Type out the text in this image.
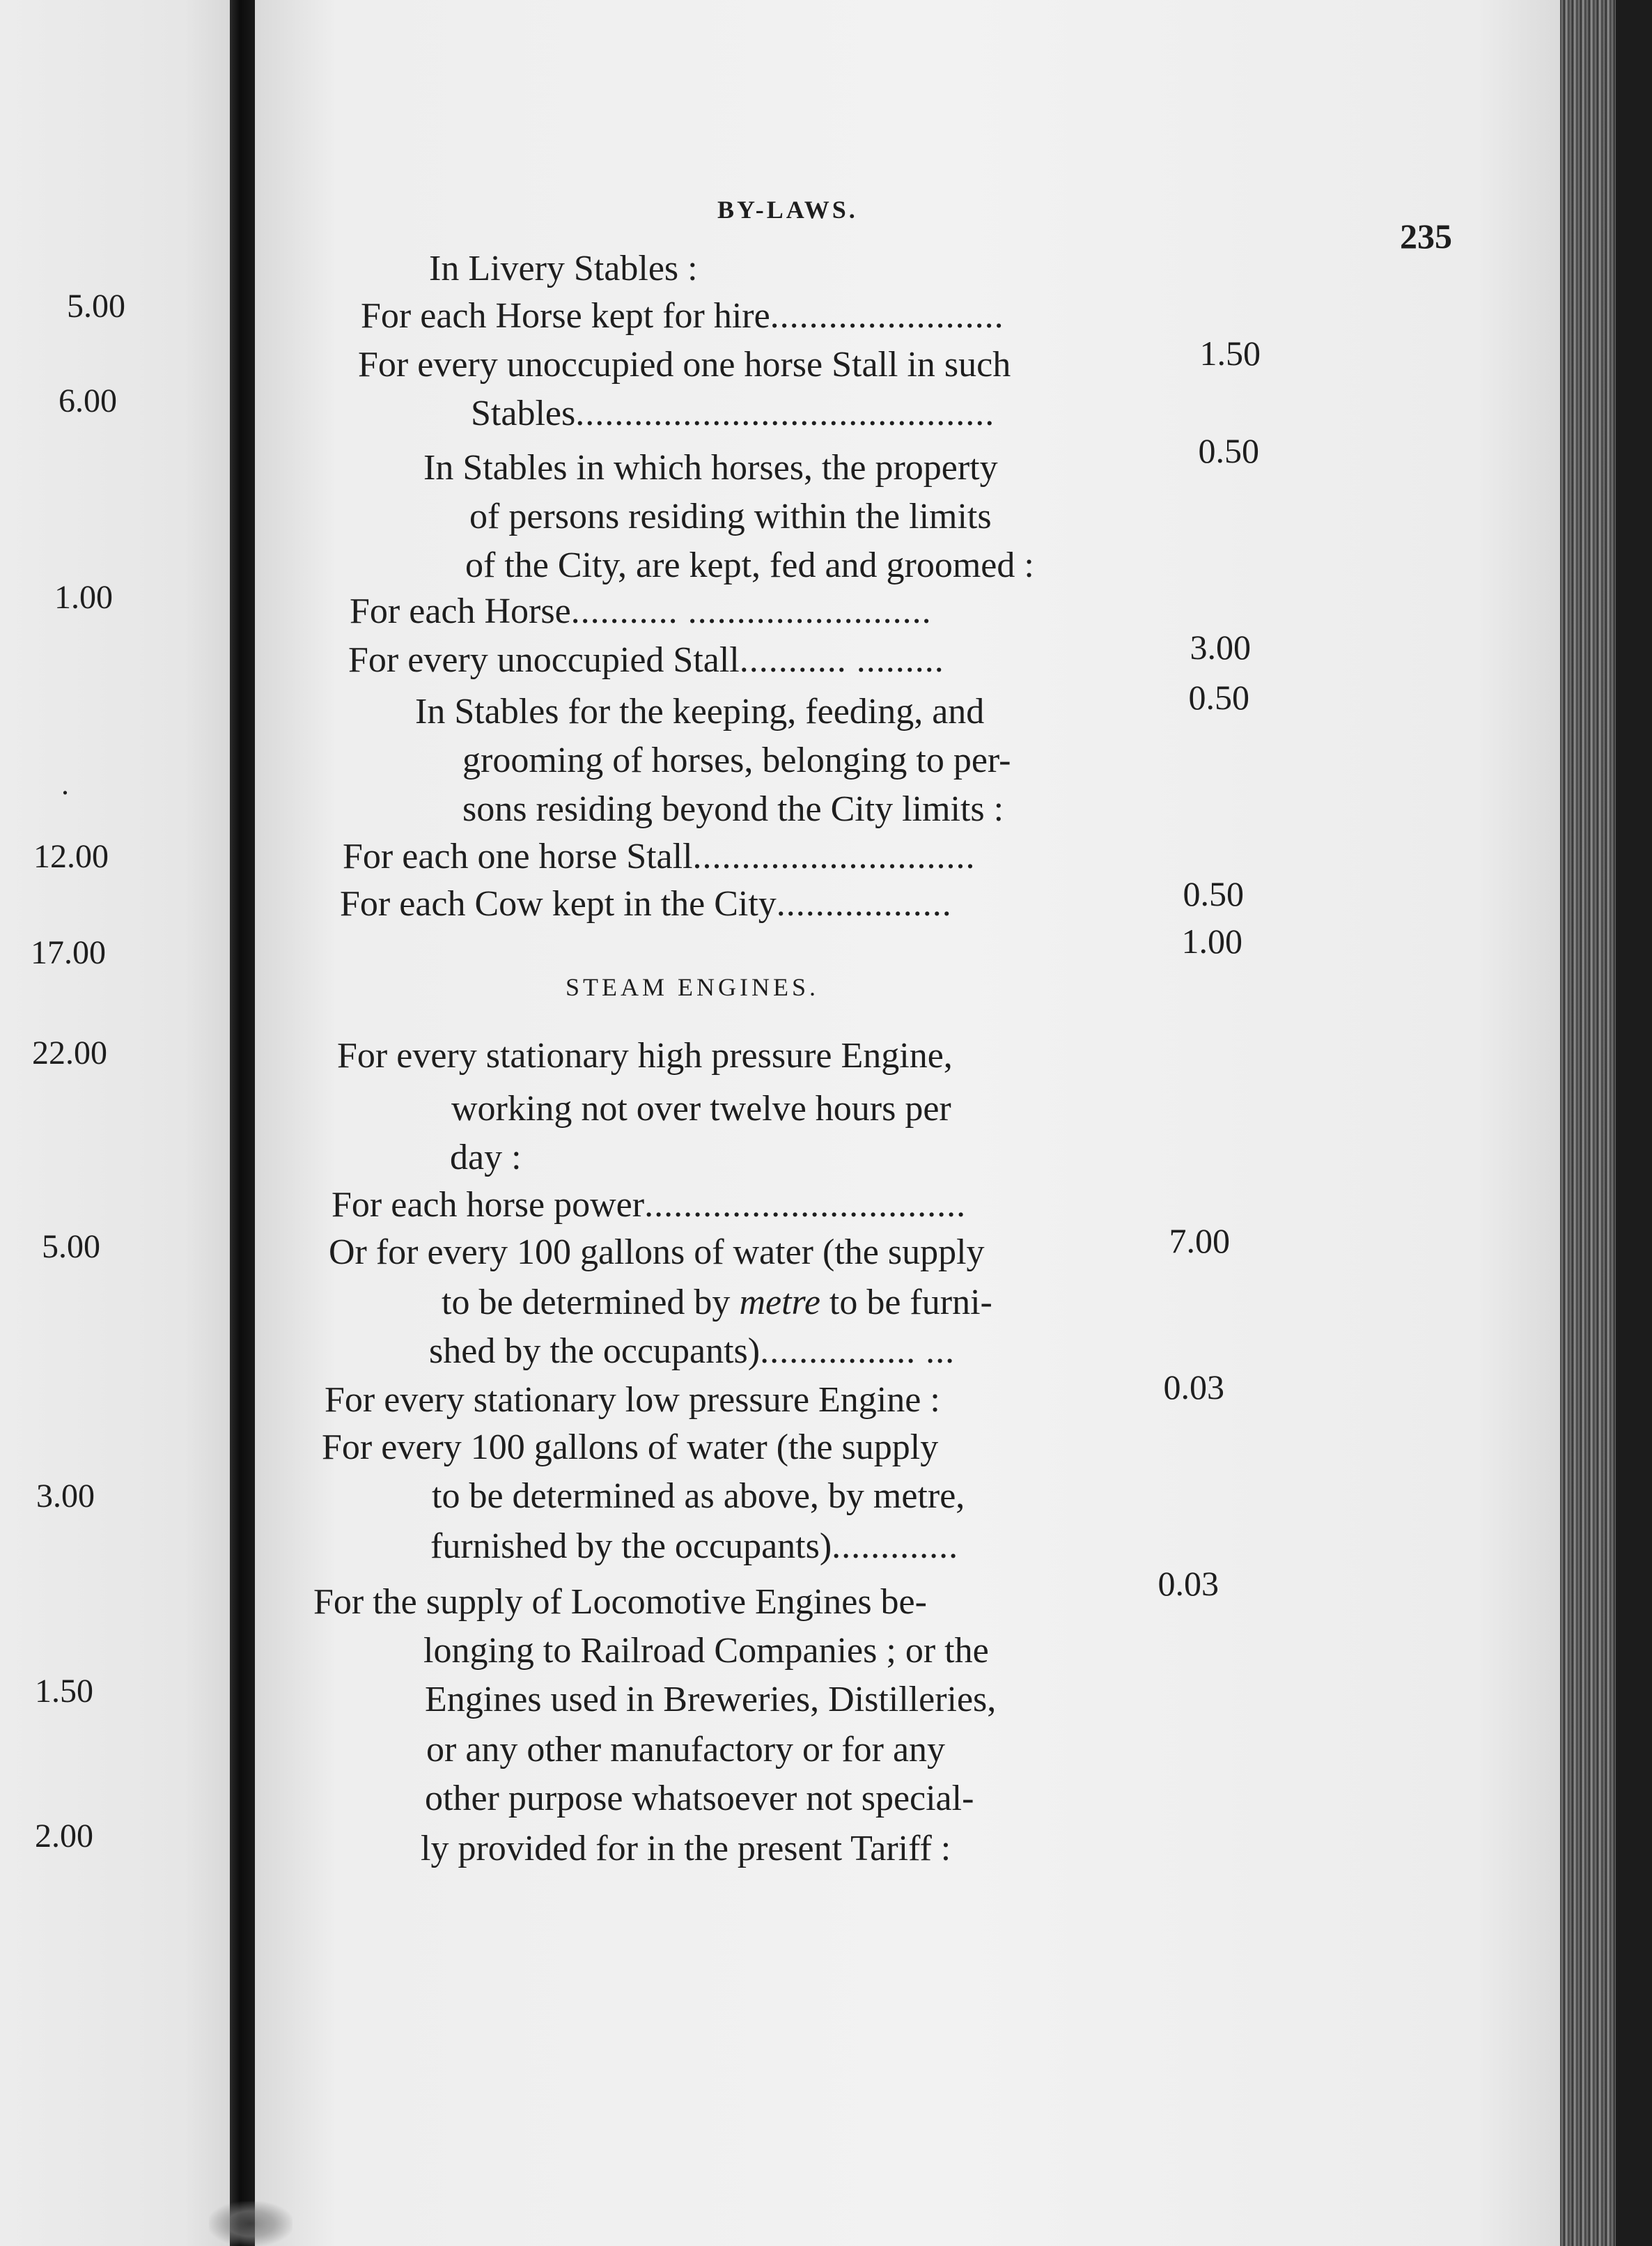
5.00
6.00
1.00
.
12.00
17.00
22.00
5.00
3.00
1.50
2.00
BY-LAWS.
235
In Livery Stables :
For each Horse kept for hire........................
1.50
For every unoccupied one horse Stall in such
Stables...........................................
0.50
In Stables in which horses, the property
of persons residing within the limits
of the City, are kept, fed and groomed :
For each Horse........... .........................
3.00
For every unoccupied Stall........... .........
0.50
In Stables for the keeping, feeding, and
grooming of horses, belonging to per-
sons residing beyond the City limits :
For each one horse Stall.............................
0.50
For each Cow kept in the City..................
1.00
STEAM ENGINES.
For every stationary high pressure Engine,
working not over twelve hours per
day :
For each horse power.................................
7.00
Or for every 100 gallons of water (the supply
to be determined by metre to be furni-
shed by the occupants)................ ...
0.03
For every stationary low pressure Engine :
For every 100 gallons of water (the supply
to be determined as above, by metre,
furnished by the occupants).............
0.03
For the supply of Locomotive Engines be-
longing to Railroad Companies ; or the
Engines used in Breweries, Distilleries,
or any other manufactory or for any
other purpose whatsoever not special-
ly provided for in the present Tariff :
